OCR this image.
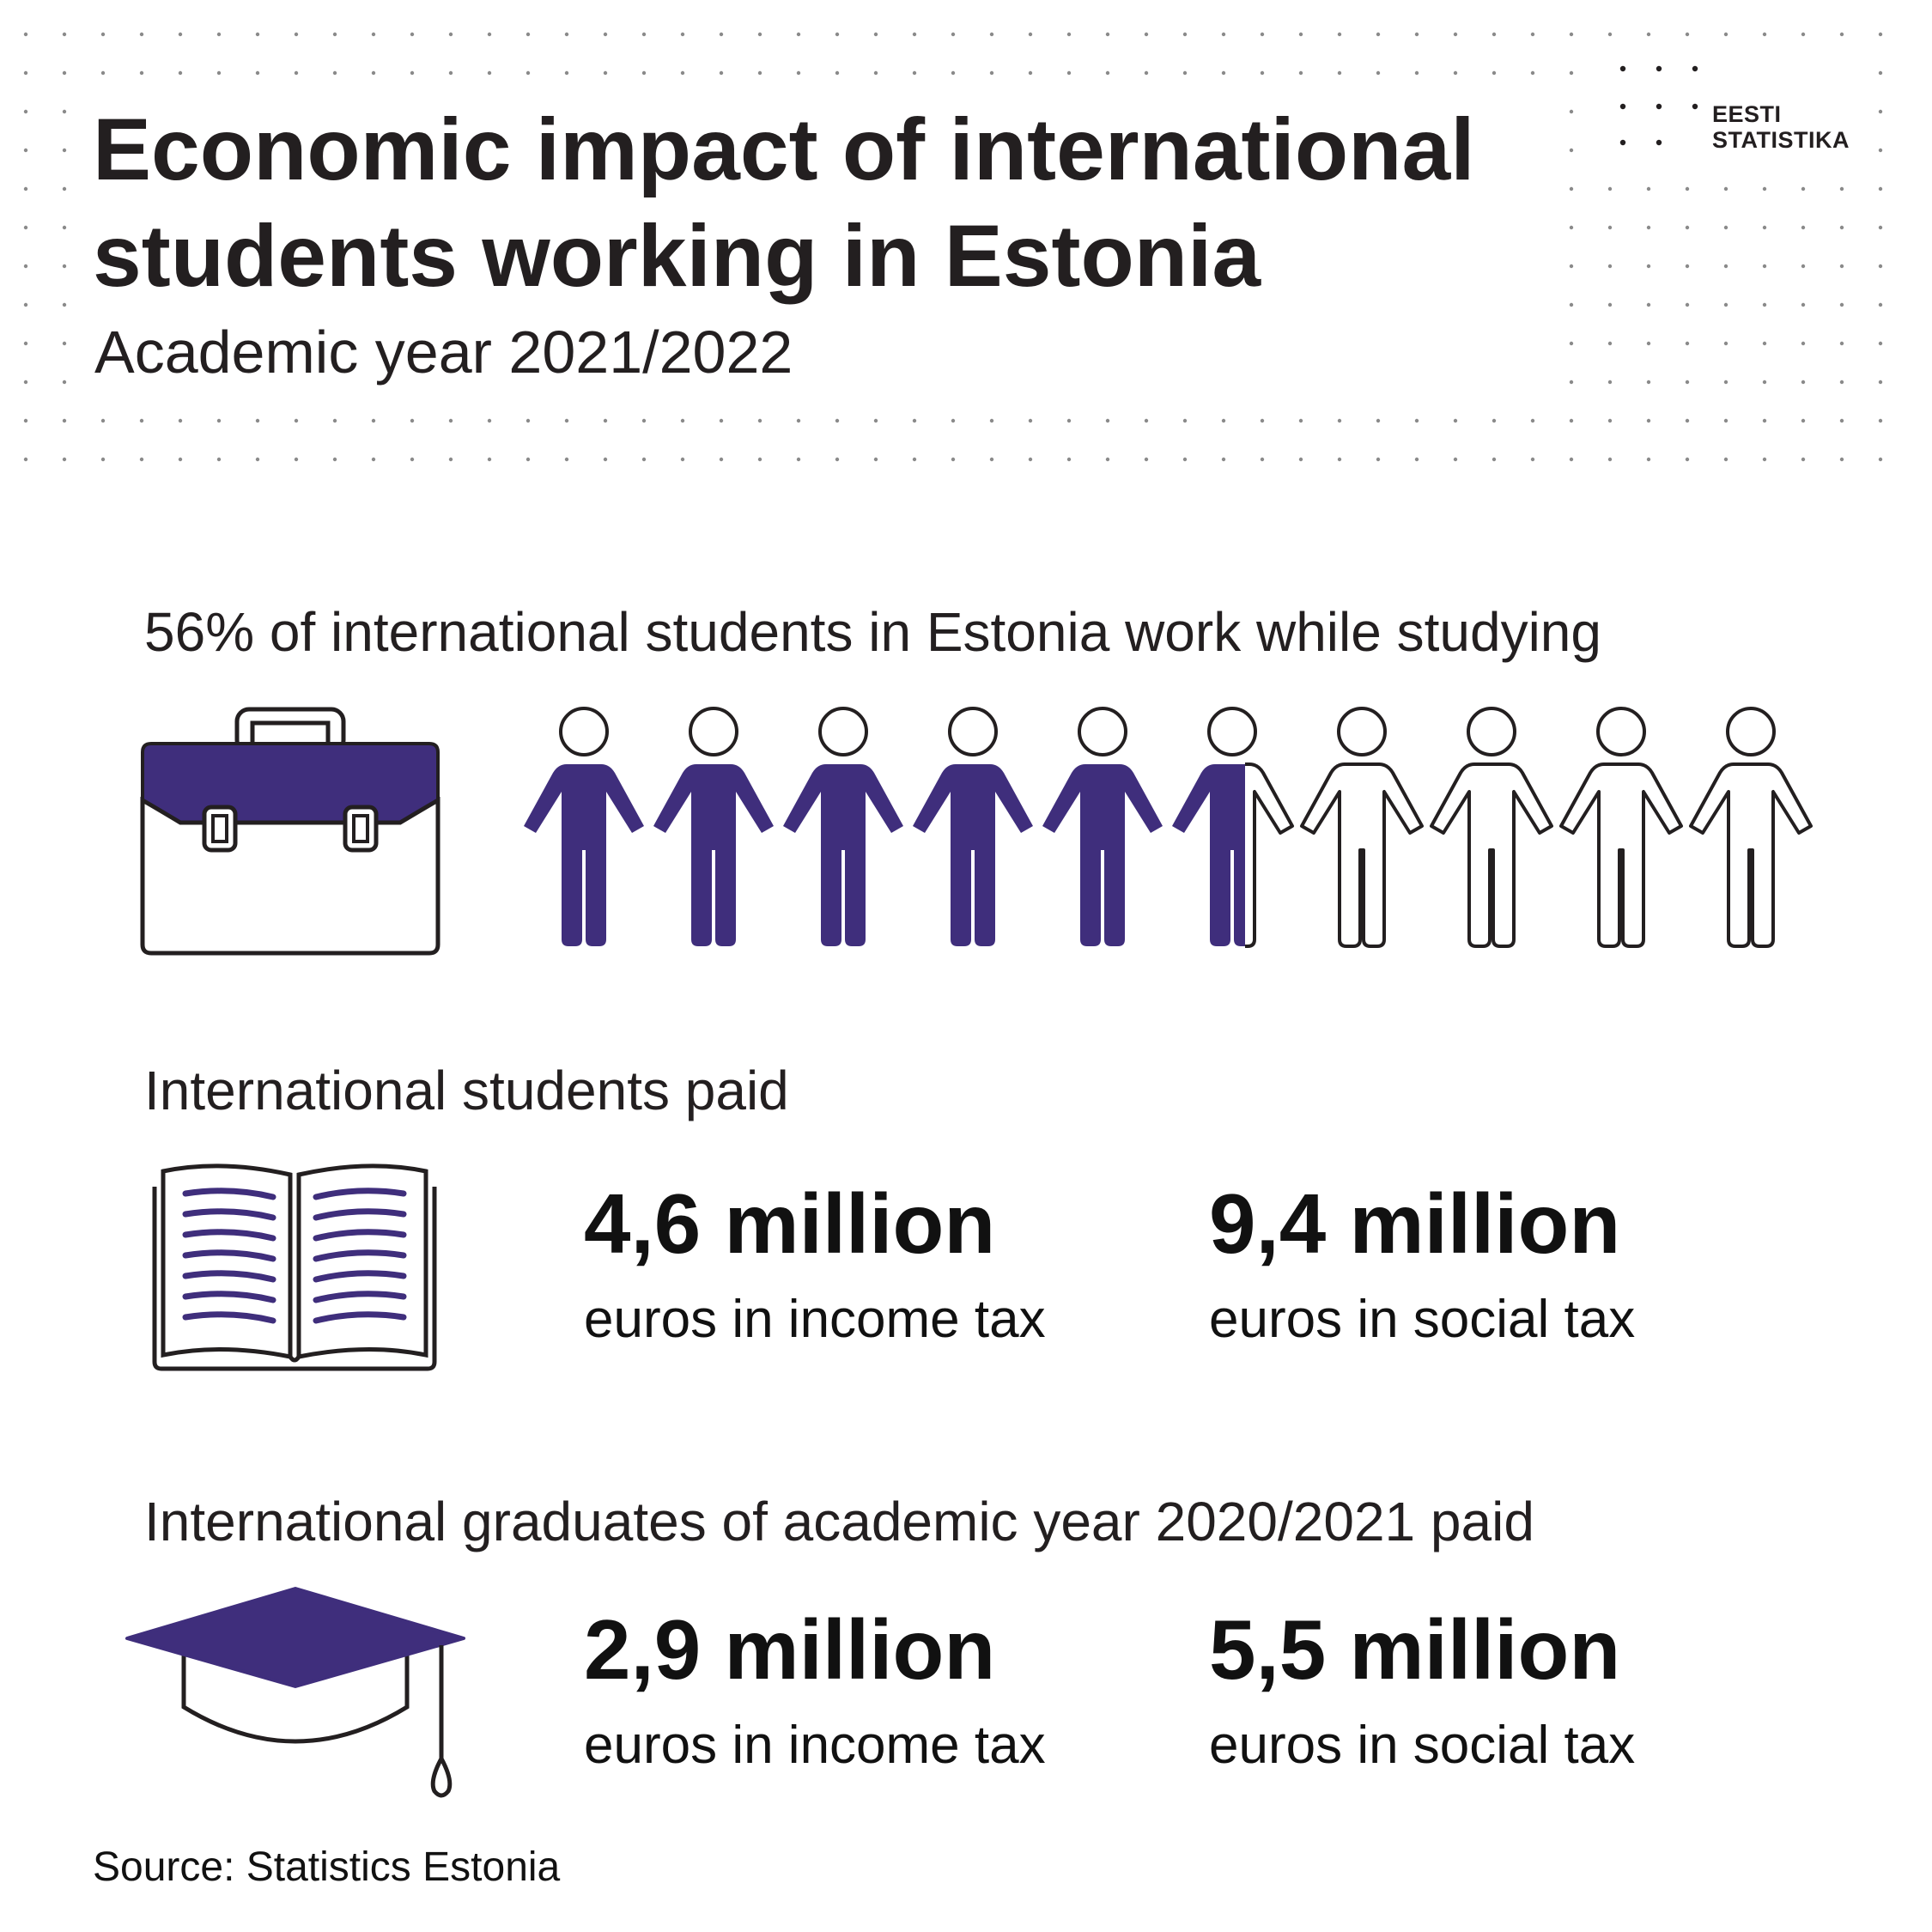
Economic impact of international
students working in Estonia
Academic year 2021/2022
EESTI
STATISTIKA
56% of international students in Estonia work while studying
International students paid
4,6 million
euros in income tax
9,4 million
euros in social tax
International graduates of academic year 2020/2021 paid
2,9 million
euros in income tax
5,5 million
euros in social tax
Source: Statistics Estonia
